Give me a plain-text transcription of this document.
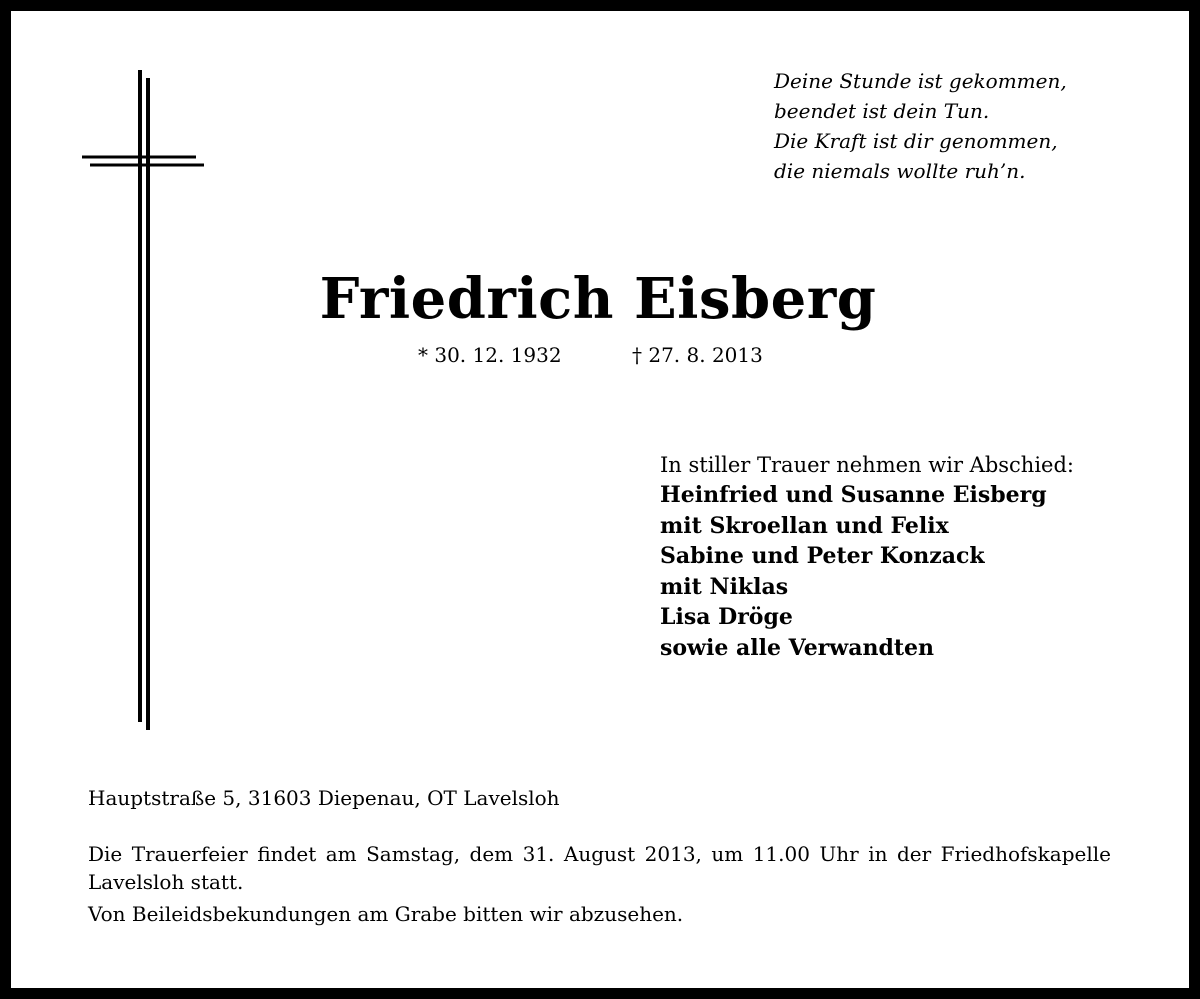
Deine Stunde ist gekommen,
beendet ist dein Tun.
Die Kraft ist dir genommen,
die niemals wollte ruh’n.
Friedrich Eisberg
* 30. 12. 1932	† 27. 8. 2013
In stiller Trauer nehmen wir Abschied:
Heinfried und Susanne Eisberg
mit Skroellan und Felix
Sabine und Peter Konzack
mit Niklas
Lisa Dröge
sowie alle Verwandten
Hauptstraße 5, 31603 Diepenau, OT Lavelsloh
Die Trauerfeier findet am Samstag, dem 31. August 2013, um 11.00 Uhr in der Friedhofskapelle Lavelsloh statt.
Von Beileidsbekundungen am Grabe bitten wir abzusehen.
